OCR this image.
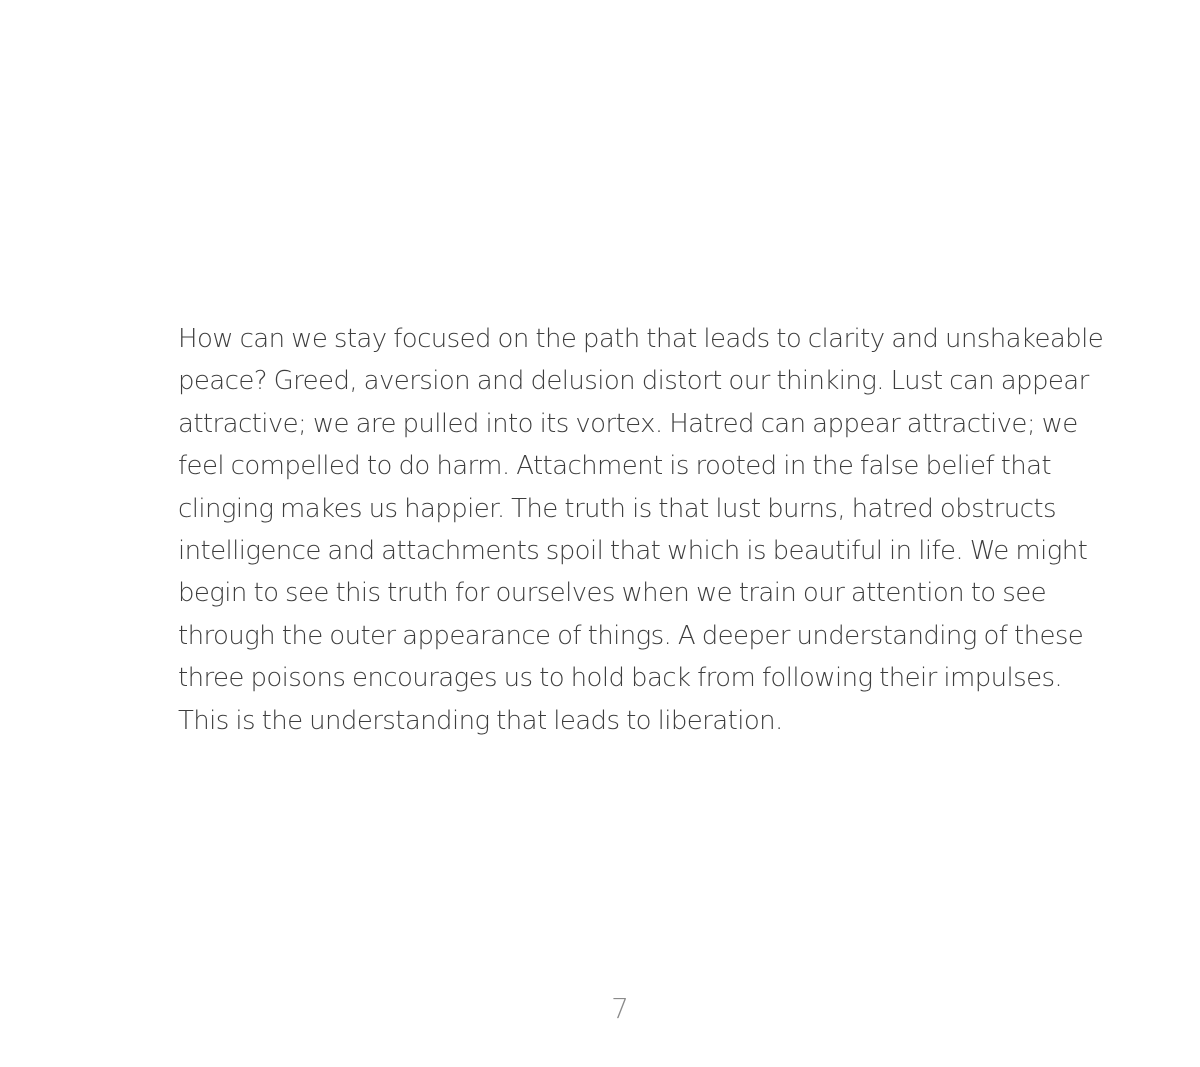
How can we stay focused on the path that leads to clarity and unshakeable
peace? Greed, aversion and delusion distort our thinking. Lust can appear
attractive; we are pulled into its vortex. Hatred can appear attractive; we
feel compelled to do harm. Attachment is rooted in the false belief that
clinging makes us happier. The truth is that lust burns, hatred obstructs
intelligence and attachments spoil that which is beautiful in life. We might
begin to see this truth for ourselves when we train our attention to see
through the outer appearance of things. A deeper understanding of these
three poisons encourages us to hold back from following their impulses.
This is the understanding that leads to liberation.

7
